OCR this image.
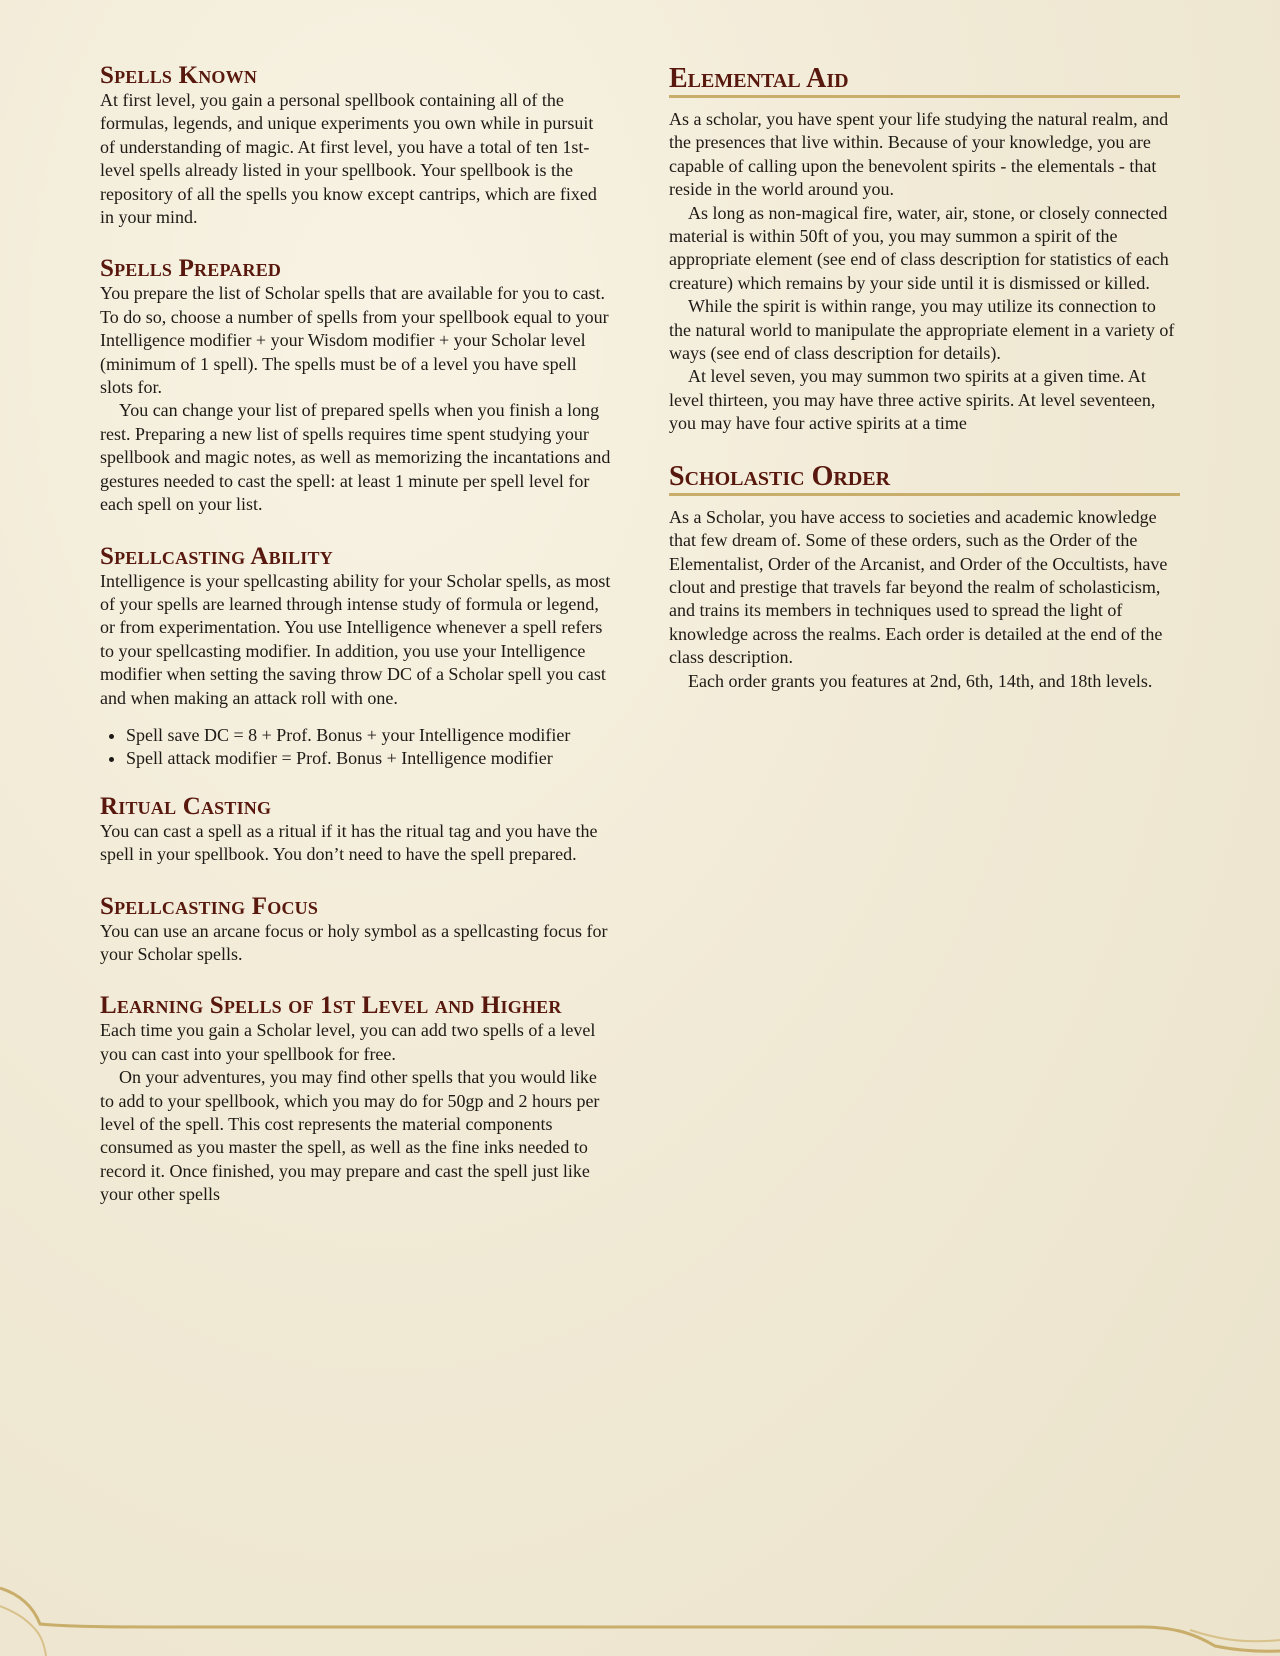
Spells Known

At first level, you gain a personal spellbook containing all of the formulas, legends, and unique experiments you own while in pursuit of understanding of magic. At first level, you have a total of ten 1st-level spells already listed in your spellbook. Your spellbook is the repository of all the spells you know except cantrips, which are fixed in your mind.

Spells Prepared

You prepare the list of Scholar spells that are available for you to cast. To do so, choose a number of spells from your spellbook equal to your Intelligence modifier + your Wisdom modifier + your Scholar level (minimum of 1 spell). The spells must be of a level you have spell slots for.

You can change your list of prepared spells when you finish a long rest. Preparing a new list of spells requires time spent studying your spellbook and magic notes, as well as memorizing the incantations and gestures needed to cast the spell: at least 1 minute per spell level for each spell on your list.

Spellcasting Ability

Intelligence is your spellcasting ability for your Scholar spells, as most of your spells are learned through intense study of formula or legend, or from experimentation. You use Intelligence whenever a spell refers to your spellcasting modifier. In addition, you use your Intelligence modifier when setting the saving throw DC of a Scholar spell you cast and when making an attack roll with one.

• Spell save DC = 8 + Prof. Bonus + your Intelligence modifier
• Spell attack modifier = Prof. Bonus + Intelligence modifier
Ritual Casting

You can cast a spell as a ritual if it has the ritual tag and you have the spell in your spellbook. You don’t need to have the spell prepared.

Spellcasting Focus

You can use an arcane focus or holy symbol as a spellcasting focus for your Scholar spells.

Learning Spells of 1st Level and Higher

Each time you gain a Scholar level, you can add two spells of a level you can cast into your spellbook for free.

On your adventures, you may find other spells that you would like to add to your spellbook, which you may do for 50gp and 2 hours per level of the spell. This cost represents the material components consumed as you master the spell, as well as the fine inks needed to record it. Once finished, you may prepare and cast the spell just like your other spells

Elemental Aid

As a scholar, you have spent your life studying the natural realm, and the presences that live within. Because of your knowledge, you are capable of calling upon the benevolent spirits - the elementals - that reside in the world around you.

As long as non-magical fire, water, air, stone, or closely connected material is within 50ft of you, you may summon a spirit of the appropriate element (see end of class description for statistics of each creature) which remains by your side until it is dismissed or killed.

While the spirit is within range, you may utilize its connection to the natural world to manipulate the appropriate element in a variety of ways (see end of class description for details).

At level seven, you may summon two spirits at a given time. At level thirteen, you may have three active spirits. At level seventeen, you may have four active spirits at a time

Scholastic Order

As a Scholar, you have access to societies and academic knowledge that few dream of. Some of these orders, such as the Order of the Elementalist, Order of the Arcanist, and Order of the Occultists, have clout and prestige that travels far beyond the realm of scholasticism, and trains its members in techniques used to spread the light of knowledge across the realms. Each order is detailed at the end of the class description.

Each order grants you features at 2nd, 6th, 14th, and 18th levels.
